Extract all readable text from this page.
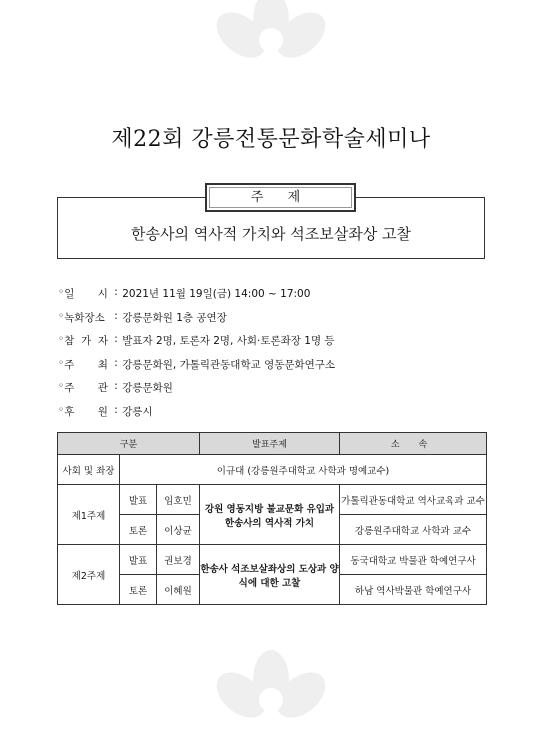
제22회 강릉전통문화학술세미나
주 제
한송사의 역사적 가치와 석조보살좌상 고찰
◦ 일       시 : 2021년 11월 19일(금) 14:00 ~ 17:00
◦ 녹화장소 : 강릉문화원 1층 공연장
◦ 참  가  자 : 발표자 2명, 토론자 2명, 사회·토론좌장 1명 등
◦ 주       최 : 강릉문화원, 가톨릭관동대학교 영동문화연구소
◦ 주       관 : 강릉문화원
◦ 후       원 : 강릉시
구분			발표주제	소 속
사회 및 좌장	이규대 (강릉원주대학교 사학과 명예교수)			
제1주제	발표	임호민	강원 영동지방 불교문화 유입과 한송사의 역사적 가치	가톨릭관동대학교 역사교육과 교수
	토론	이상균		강릉원주대학교 사학과 교수
제2주제	발표	권보경	한송사 석조보살좌상의 도상과 양식에 대한 고찰	동국대학교 박물관 학예연구사
	토론	이혜원		하남 역사박물관 학예연구사
